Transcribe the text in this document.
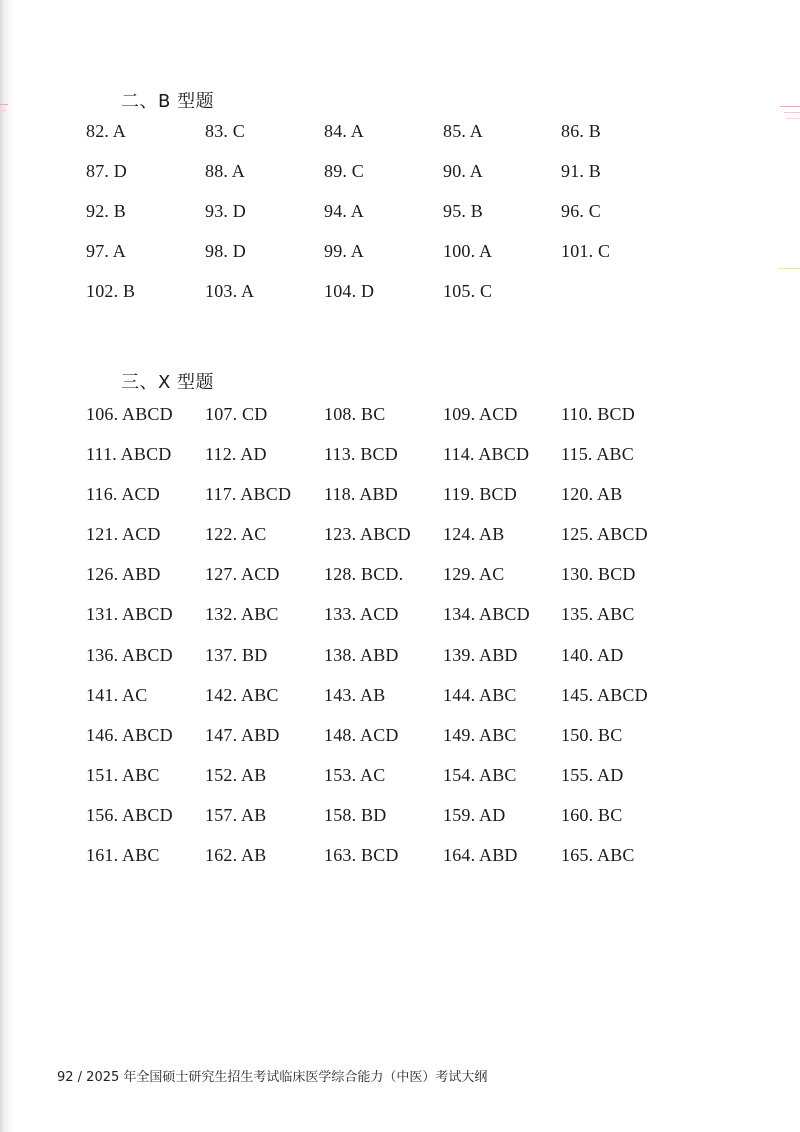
二、B 型题
82. A	83. C	84. A	85. A	86. B
87. D	88. A	89. C	90. A	91. B
92. B	93. D	94. A	95. B	96. C
97. A	98. D	99. A	100. A	101. C
102. B	103. A	104. D	105. C
三、X 型题
106. ABCD 107. CD	108. BC	109. ACD 110. BCD
111. ABCD 112. AD	113. BCD	114. ABCD 115. ABC
116. ACD	117. ABCD 118. ABD	119. BCD 120. AB
121. ACD 122. AC	123. ABCD 124. AB	125. ABCD
126. ABD 127. ACD 128. BCD. 129. AC	130. BCD
131. ABCD 132. ABC	133. ACD 134. ABCD 135. ABC
136. ABCD 137. BD	138. ABD 139. ABD 140. AD
141. AC	142. ABC	143. AB	144. ABC 145. ABCD
146. ABCD 147. ABD 148. ACD 149. ABC 150. BC
151. ABC	152. AB	153. AC	154. ABC 155. AD
156. ABCD 157. AB	158. BD	159. AD	160. BC
161. ABC	162. AB	163. BCD 164. ABD 165. ABC
92 / 2025 年全国硕士研究生招生考试临床医学综合能力（中医）考试大纲
